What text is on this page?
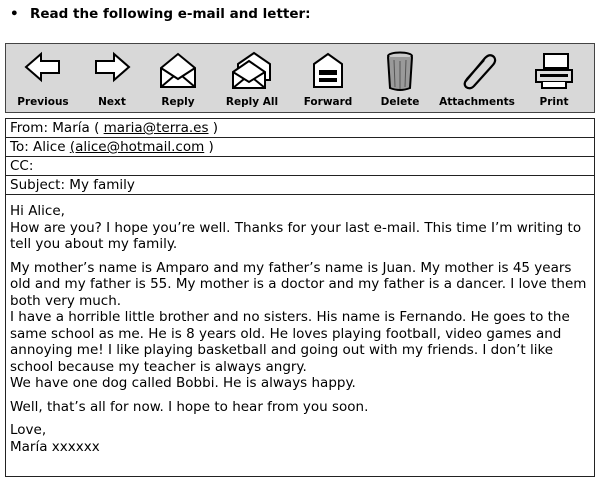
• Read the following e-mail and letter:
Previous	Next	Reply	Reply All	Forward	Delete	Attachments	Print
From: María ( maria@terra.es )
To: Alice (alice@hotmail.com )
CC:
Subject: My family
Hi Alice,

How are you? I hope you’re well. Thanks for your last e-mail. This time I’m writing to tell you about my family.

My mother’s name is Amparo and my father’s name is Juan. My mother is 45 years old and my father is 55. My mother is a doctor and my father is a dancer. I love them both very much.
I have a horrible little brother and no sisters. His name is Fernando. He goes to the same school as me. He is 8 years old. He loves playing football, video games and annoying me! I like playing basketball and going out with my friends. I don’t like school because my teacher is always angry.

We have one dog called Bobbi. He is always happy.

Well, that’s all for now. I hope to hear from you soon.

Love,
María xxxxxx
